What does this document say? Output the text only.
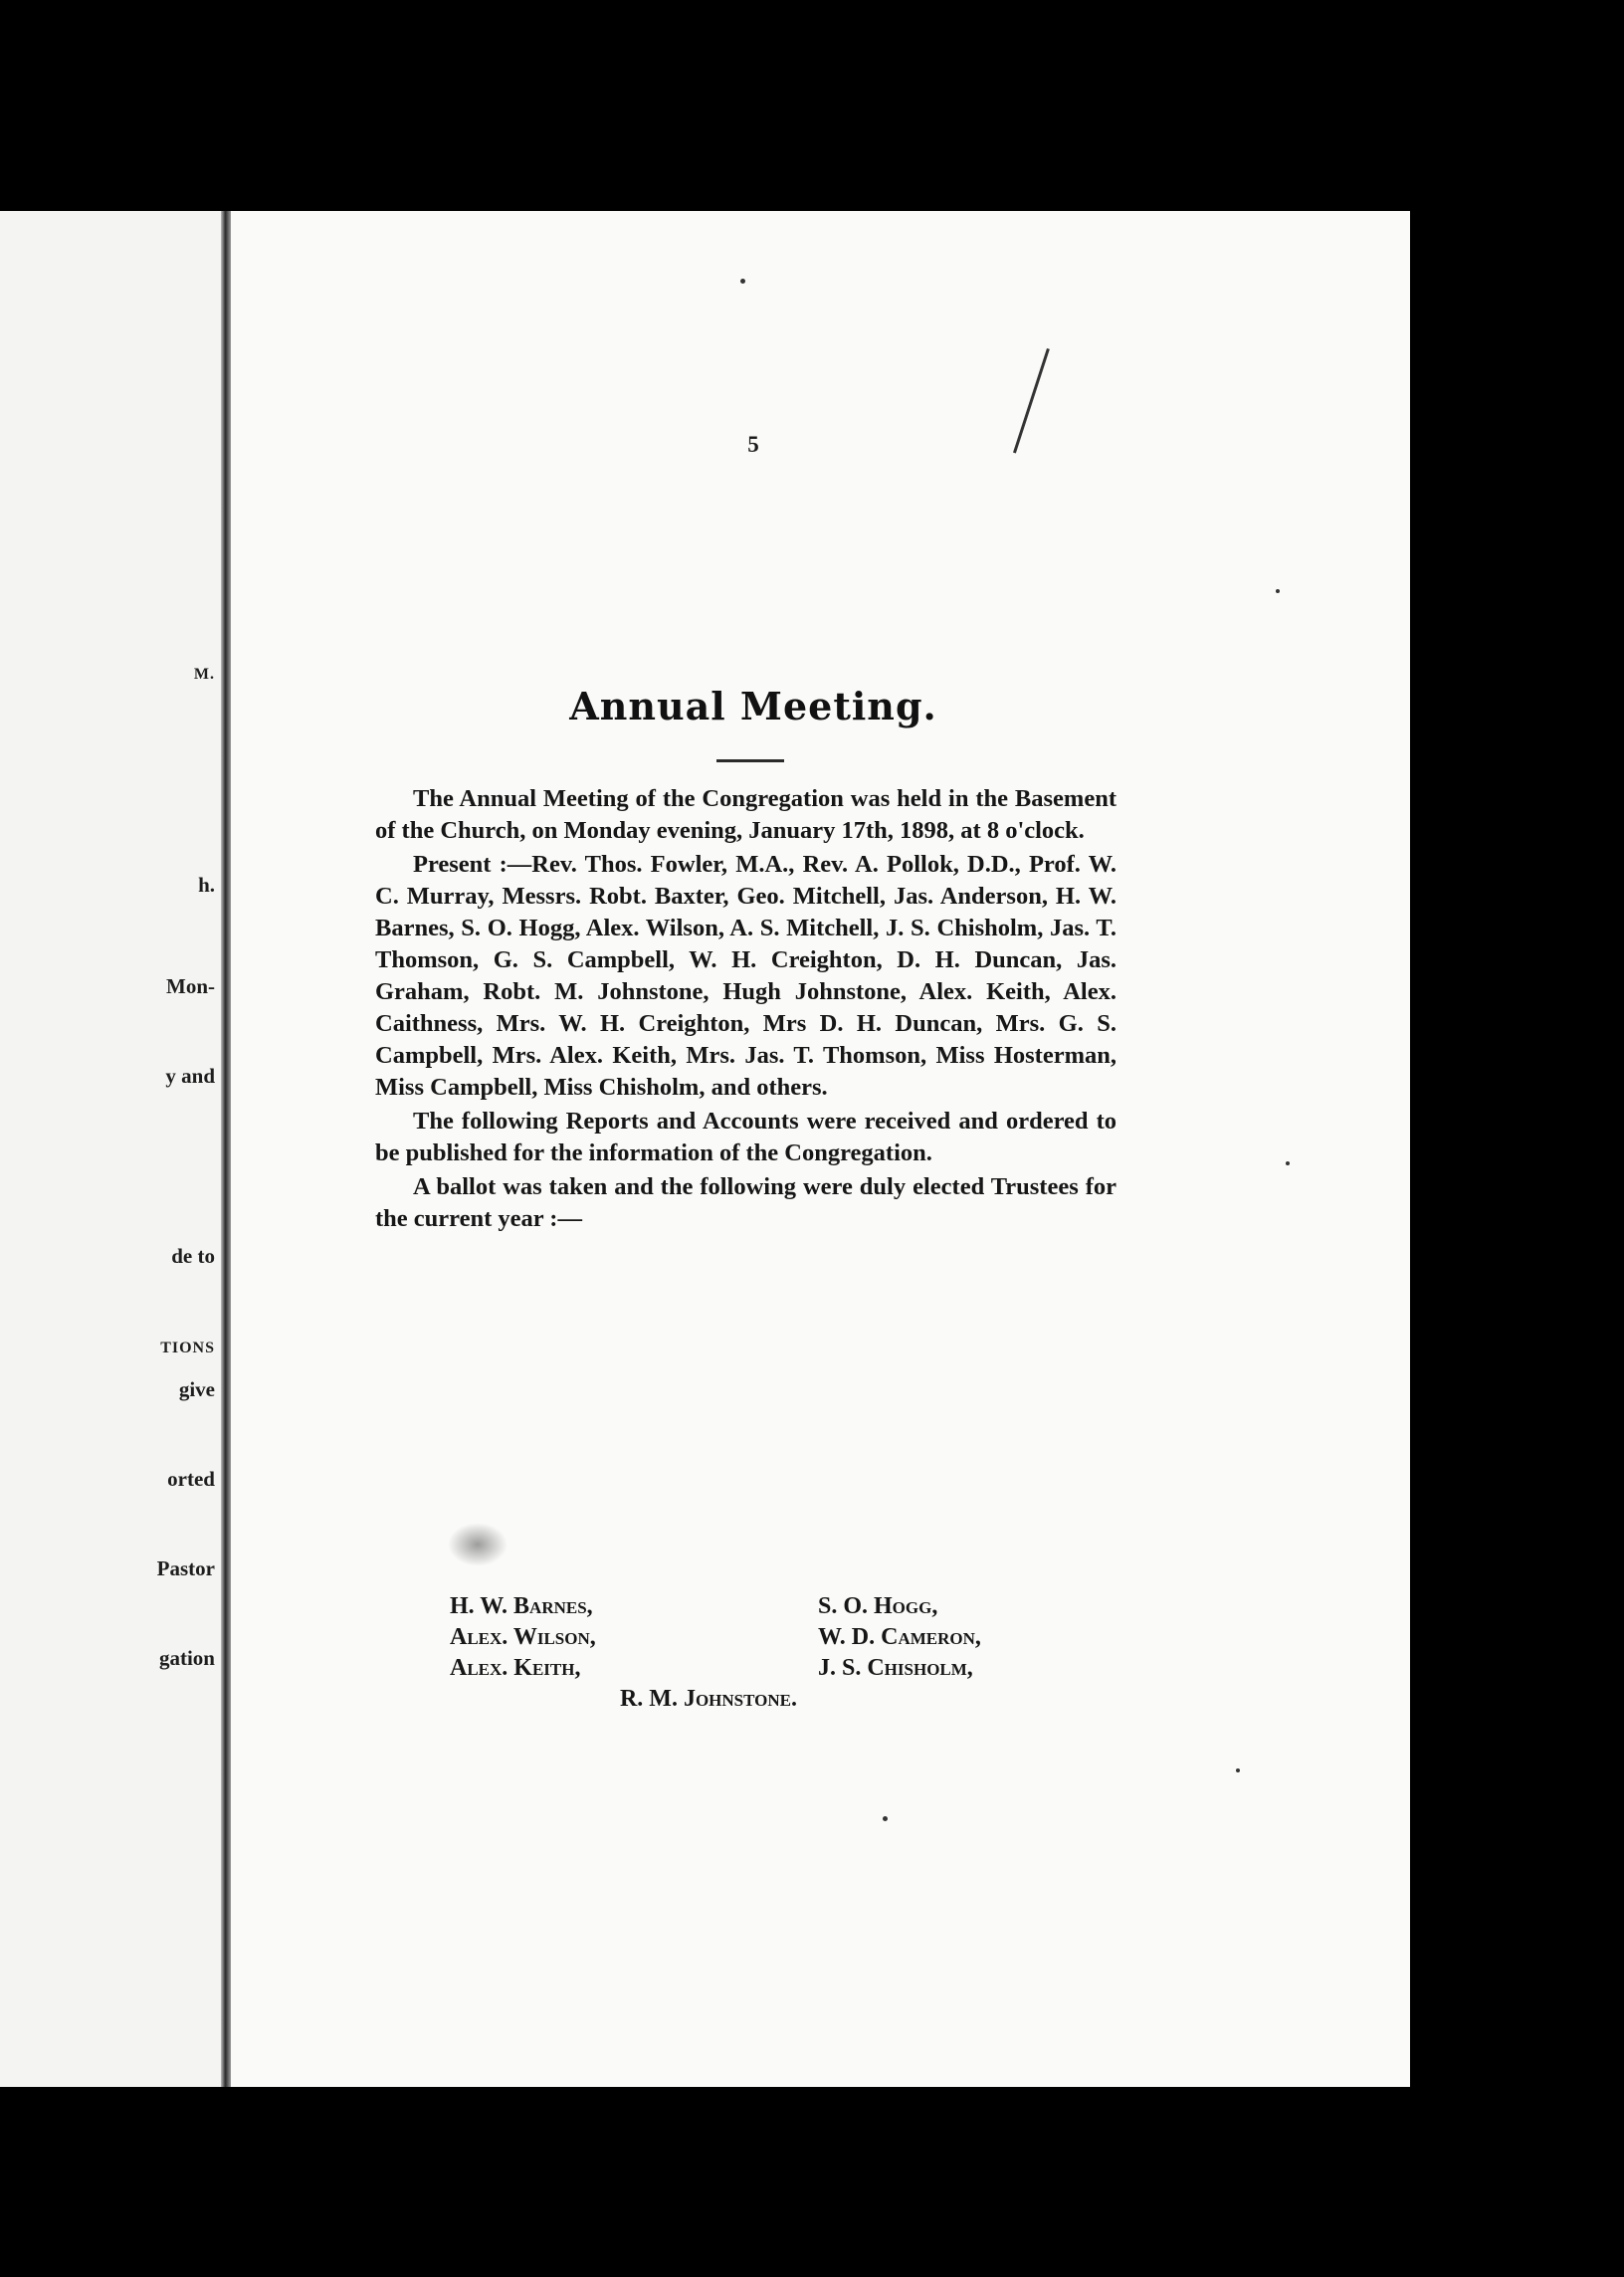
M.
h.
Mon-
y and
de to
TIONS
give
orted
Pastor
gation
5
Annual Meeting.

The Annual Meeting of the Congregation was held in the Basement of the Church, on Monday evening, January 17th, 1898, at 8 o'clock.

Present :—Rev. Thos. Fowler, M.A., Rev. A. Pollok, D.D., Prof. W. C. Murray, Messrs. Robt. Baxter, Geo. Mitchell, Jas. Anderson, H. W. Barnes, S. O. Hogg, Alex. Wilson, A. S. Mitchell, J. S. Chisholm, Jas. T. Thomson, G. S. Campbell, W. H. Creighton, D. H. Duncan, Jas. Graham, Robt. M. Johnstone, Hugh Johnstone, Alex. Keith, Alex. Caithness, Mrs. W. H. Creighton, Mrs D. H. Duncan, Mrs. G. S. Campbell, Mrs. Alex. Keith, Mrs. Jas. T. Thomson, Miss Hosterman, Miss Campbell, Miss Chisholm, and others.

The following Reports and Accounts were received and ordered to be published for the information of the Congregation.

A ballot was taken and the following were duly elected Trustees for the current year :—

H. W. Barnes,	S. O. Hogg,
Alex. Wilson,	W. D. Cameron,
Alex. Keith,	J. S. Chisholm,
R. M. Johnstone.
